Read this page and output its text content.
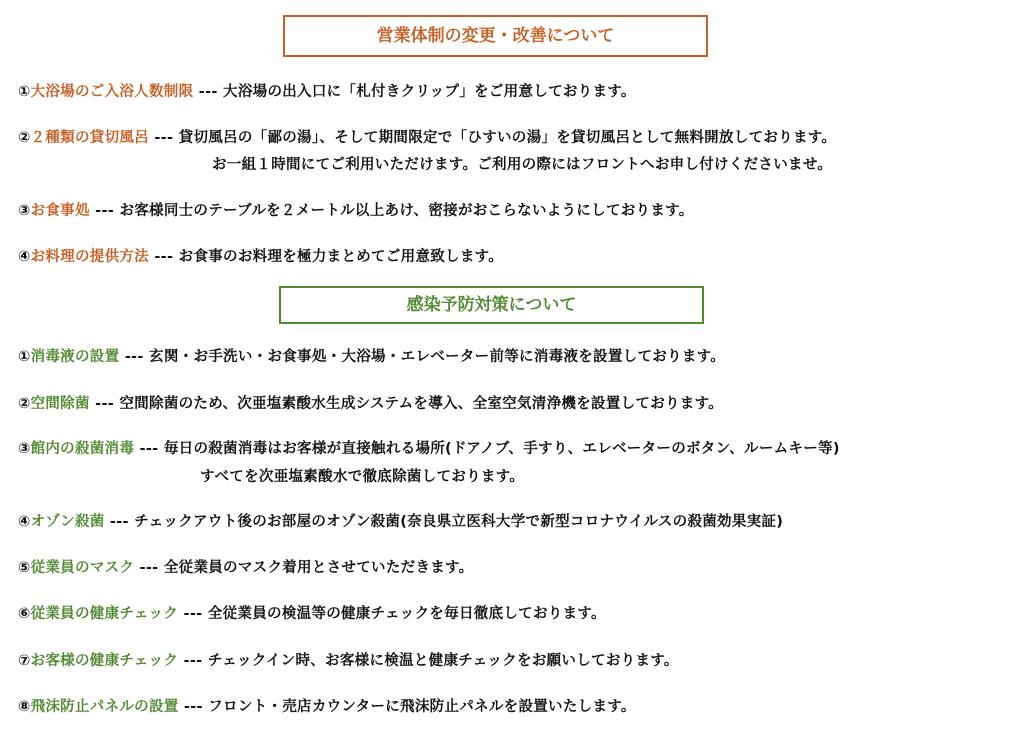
営業体制の変更・改善について
①大浴場のご入浴人数制限 --- 大浴場の出入口に「札付きクリップ」をご用意しております。
②２種類の貸切風呂 --- 貸切風呂の「鄙の湯」、そして期間限定で「ひすいの湯」を貸切風呂として無料開放しております。
お一組１時間にてご利用いただけます。ご利用の際にはフロントへお申し付けくださいませ。
③お食事処 --- お客様同士のテーブルを２メートル以上あけ、密接がおこらないようにしております。
④お料理の提供方法 --- お食事のお料理を極力まとめてご用意致します。
感染予防対策について
①消毒液の設置 --- 玄関・お手洗い・お食事処・大浴場・エレベーター前等に消毒液を設置しております。
②空間除菌 --- 空間除菌のため、次亜塩素酸水生成システムを導入、全室空気清浄機を設置しております。
③館内の殺菌消毒 --- 毎日の殺菌消毒はお客様が直接触れる場所(ドアノブ、手すり、エレベーターのボタン、ルームキー等)
すべてを次亜塩素酸水で徹底除菌しております。
④オゾン殺菌 --- チェックアウト後のお部屋のオゾン殺菌(奈良県立医科大学で新型コロナウイルスの殺菌効果実証)
⑤従業員のマスク --- 全従業員のマスク着用とさせていただきます。
⑥従業員の健康チェック --- 全従業員の検温等の健康チェックを毎日徹底しております。
⑦お客様の健康チェック --- チェックイン時、お客様に検温と健康チェックをお願いしております。
⑧飛沫防止パネルの設置 --- フロント・売店カウンターに飛沫防止パネルを設置いたします。
